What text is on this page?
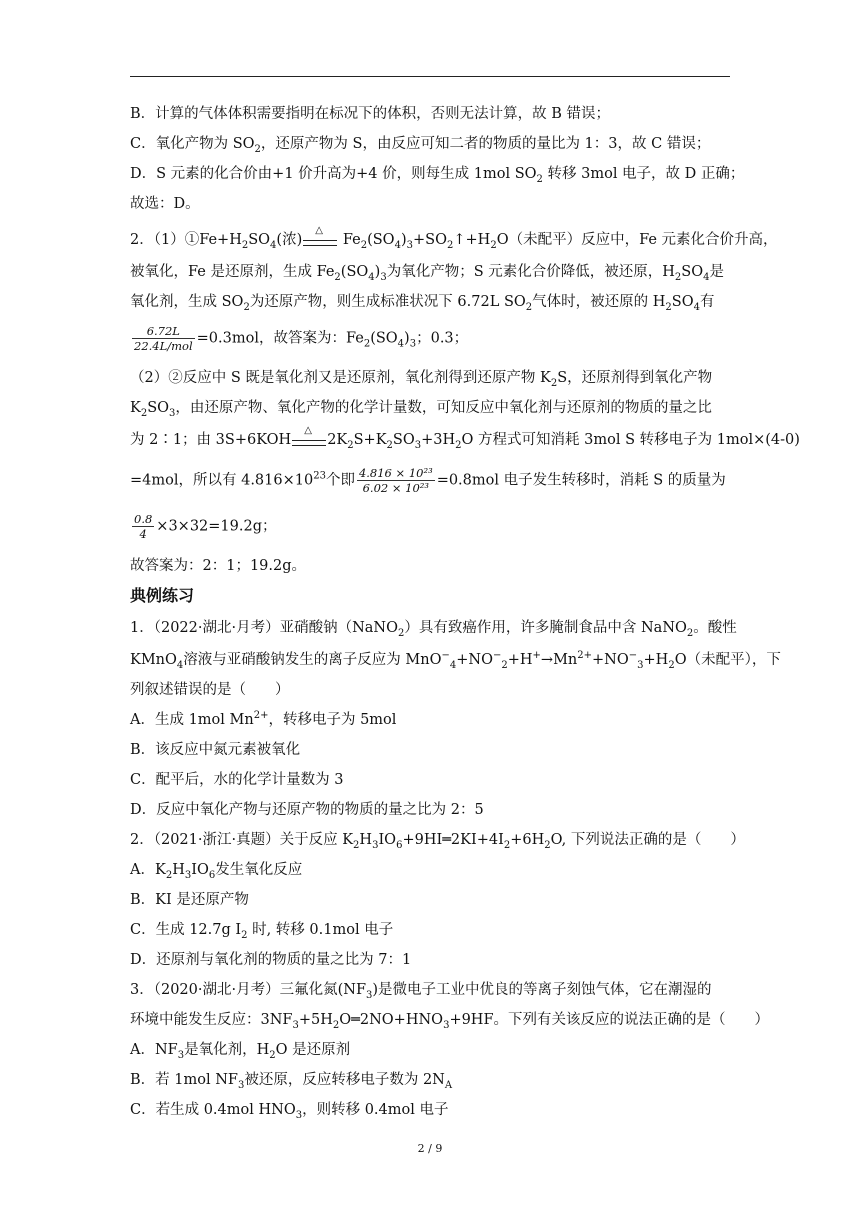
B．计算的气体体积需要指明在标况下的体积，否则无法计算，故 B 错误；
C．氧化产物为 $SO_2$，还原产物为 S，由反应可知二者的物质的量比为 1：3，故 C 错误；
D．S 元素的化合价由+1 价升高为+4 价，则每生成 1mol $SO_2$ 转移 3mol 电子，故 D 正确；
故选：D。
2．$(1)①Fe+H_2SO_4$(浓)
△
$Fe_2(SO_4)_3+SO_2↑+H_2O$（未配平）反应中，Fe 元素化合价升高，
被氧化，Fe 是还原剂，生成 $Fe_2(SO_4)_3$为氧化产物；S 元素化合价降低，被还原，$H_2SO_4$是
氧化剂，生成 $SO_2$为还原产物，则生成标准状况下 6.72L $SO_2$气体时，被还原的 $H_2SO_4$有
$\frac{6.72L}{\text{22.4L/mol}} =0.3mol$，故答案为：$Fe_2(SO_4)_3$；0.3；
（2）②反应中 S 既是氧化剂又是还原剂，氧化剂得到还原产物 $K_2S$，还原剂得到氧化产物
$K_2SO_3$，由还原产物、氧化产物的化学计量数，可知反应中氧化剂与还原剂的物质的量之比
为 2∶1；由 3S+6KOH
△
$2K_2S+K_2SO_3+3H_2O$ 方程式可知消耗 3mol S 转移电子为 1mol×(4-0)
=4mol，所以有 $4.816\times 10^{23}$个即 $\frac{\text{4.816 × 10²³}}{\text{6.02 × 10²³}} =0.8mol$ 电子发生转移时，消耗 S 的质量为
$\frac{0.8}{4} \times 3\times 32=19.2g$；
故答案为：2：1；19.2g。
典例练习
1．（2022·湖北·月考）亚硝酸钠（NaNO$_2$）具有致癌作用，许多腌制食品中含 NaNO$_2$。酸性
KMnO$_4$溶液与亚硝酸钠发生的离子反应为 $MnO^-_4+NO^-_2+H^+\to Mn^{2+}+NO^-_3+H_2O$（未配平），下
列叙述错误的是（　　）
A．生成 1mol $Mn^{2+}$，转移电子为 5mol
B．该反应中氮元素被氧化
C．配平后，水的化学计量数为 3
D．反应中氧化产物与还原产物的物质的量之比为 2：5
2．（2021·浙江·真题）关于反应 $K_2H_3IO_6+9HI═2KI+4I_2+6H_2O$, 下列说法正确的是（　　）
A．$K_2H_3IO_6$发生氧化反应
B．KI 是还原产物
C．生成 12.7g $I_2$ 时, 转移 0.1mol 电子
D．还原剂与氧化剂的物质的量之比为 7：1
3．（2020·湖北·月考）三氟化氮$(NF_3)$是微电子工业中优良的等离子刻蚀气体，它在潮湿的
环境中能发生反应：$3NF_3+5H_2O═2NO+HNO_3+9HF$。下列有关该反应的说法正确的是（　　）
A．$NF_3$是氧化剂，$H_2O$ 是还原剂
B．若 1mol $NF_3$被还原，反应转移电子数为 $2N_A$
C．若生成 0.4mol $HNO_3$，则转移 0.4mol 电子
2 / 9
